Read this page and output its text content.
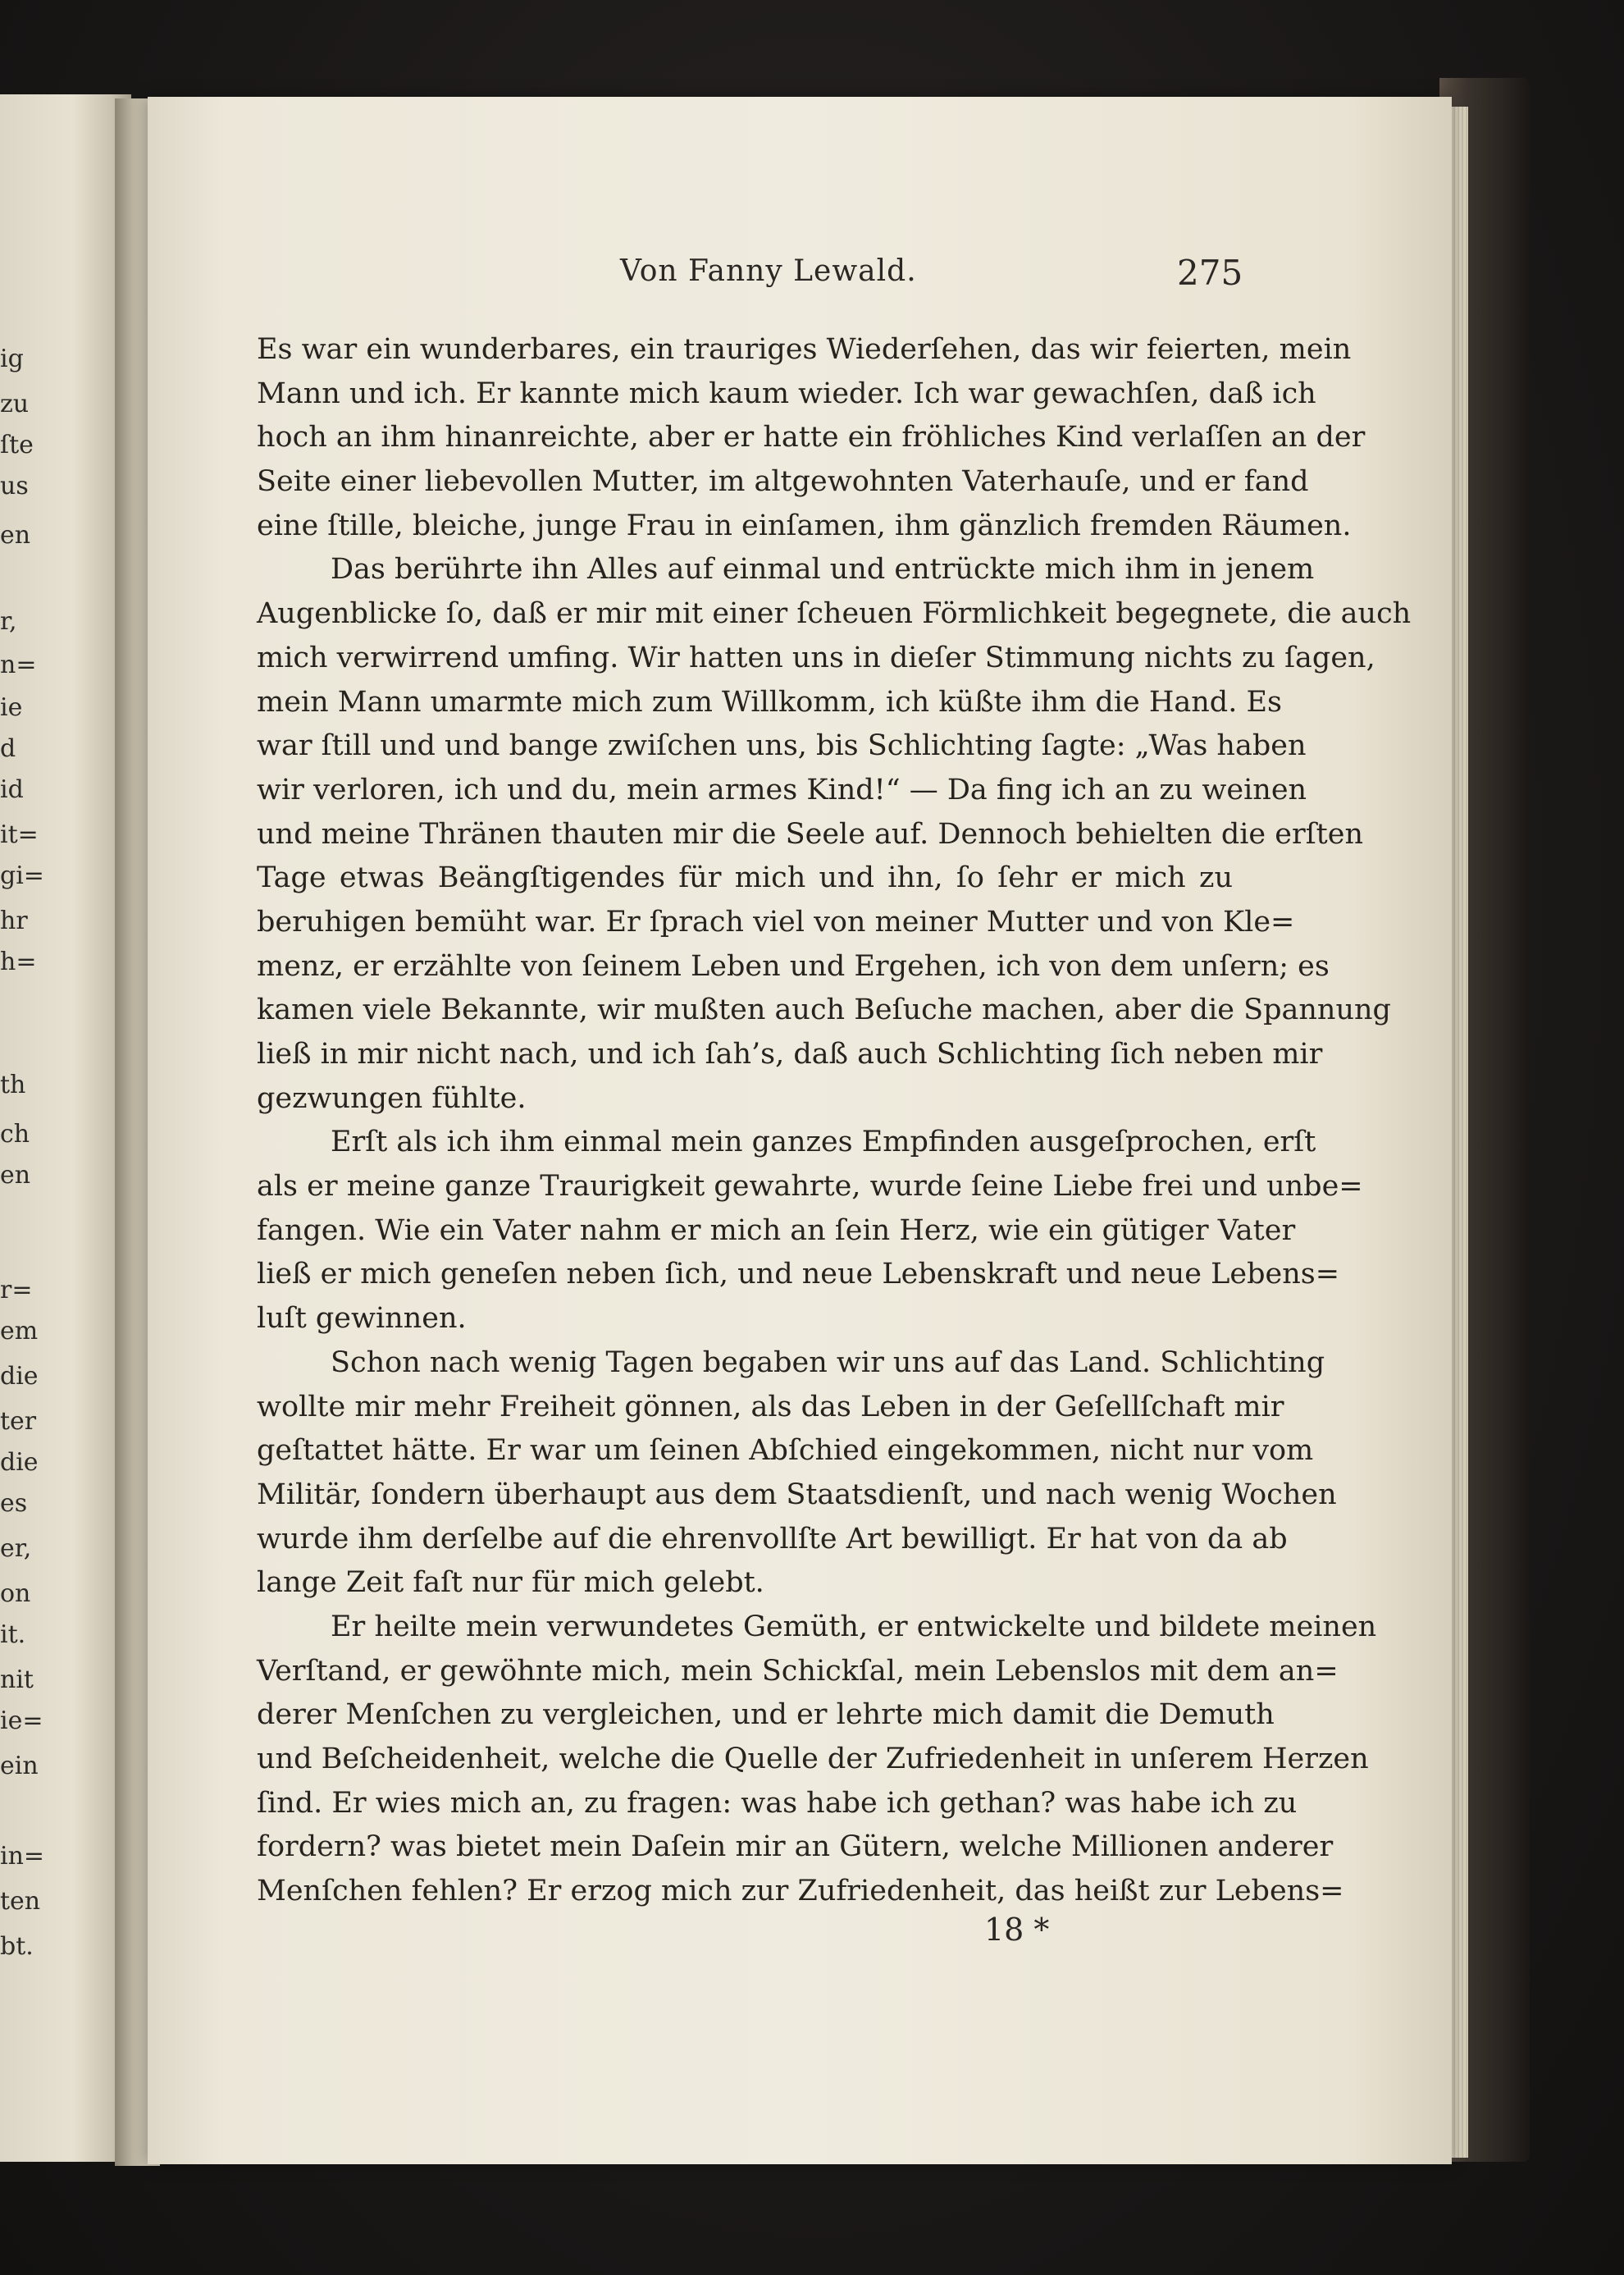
ig
zu
ſte
us
en
r,
n=
ie
d
id
it=
gi=
hr
h=
th
ch
en
r=
em
die
ter
die
es
er,
on
it.
nit
ie=
ein
in=
ten
bt.
Von Fanny Lewald.	275
Es war ein wunderbares, ein trauriges Wiederſehen, das wir feierten, mein
Mann und ich. Er kannte mich kaum wieder. Ich war gewachſen, daß ich
hoch an ihm hinanreichte, aber er hatte ein fröhliches Kind verlaſſen an der
Seite einer liebevollen Mutter, im altgewohnten Vaterhauſe, und er fand
eine ſtille, bleiche, junge Frau in einſamen, ihm gänzlich fremden Räumen.
Das berührte ihn Alles auf einmal und entrückte mich ihm in jenem
Augenblicke ſo, daß er mir mit einer ſcheuen Förmlichkeit begegnete, die auch
mich verwirrend umfing. Wir hatten uns in dieſer Stimmung nichts zu ſagen,
mein Mann umarmte mich zum Willkomm, ich küßte ihm die Hand. Es
war ſtill und und bange zwiſchen uns, bis Schlichting ſagte: „Was haben
wir verloren, ich und du, mein armes Kind!“ — Da fing ich an zu weinen
und meine Thränen thauten mir die Seele auf. Dennoch behielten die erſten
Tage etwas Beängſtigendes für mich und ihn, ſo ſehr er mich zu
beruhigen bemüht war. Er ſprach viel von meiner Mutter und von Kle=
menz, er erzählte von ſeinem Leben und Ergehen, ich von dem unſern; es
kamen viele Bekannte, wir mußten auch Beſuche machen, aber die Spannung
ließ in mir nicht nach, und ich ſah’s, daß auch Schlichting ſich neben mir
gezwungen fühlte.
Erſt als ich ihm einmal mein ganzes Empfinden ausgeſprochen, erſt
als er meine ganze Traurigkeit gewahrte, wurde ſeine Liebe frei und unbe=
fangen. Wie ein Vater nahm er mich an ſein Herz, wie ein gütiger Vater
ließ er mich geneſen neben ſich, und neue Lebenskraft und neue Lebens=
luſt gewinnen.
Schon nach wenig Tagen begaben wir uns auf das Land. Schlichting
wollte mir mehr Freiheit gönnen, als das Leben in der Geſellſchaft mir
geſtattet hätte. Er war um ſeinen Abſchied eingekommen, nicht nur vom
Militär, ſondern überhaupt aus dem Staatsdienſt, und nach wenig Wochen
wurde ihm derſelbe auf die ehrenvollſte Art bewilligt. Er hat von da ab
lange Zeit faſt nur für mich gelebt.
Er heilte mein verwundetes Gemüth, er entwickelte und bildete meinen
Verſtand, er gewöhnte mich, mein Schickſal, mein Lebenslos mit dem an=
derer Menſchen zu vergleichen, und er lehrte mich damit die Demuth
und Beſcheidenheit, welche die Quelle der Zufriedenheit in unſerem Herzen
ſind. Er wies mich an, zu fragen: was habe ich gethan? was habe ich zu
fordern? was bietet mein Daſein mir an Gütern, welche Millionen anderer
Menſchen fehlen? Er erzog mich zur Zufriedenheit, das heißt zur Lebens=
18 *
